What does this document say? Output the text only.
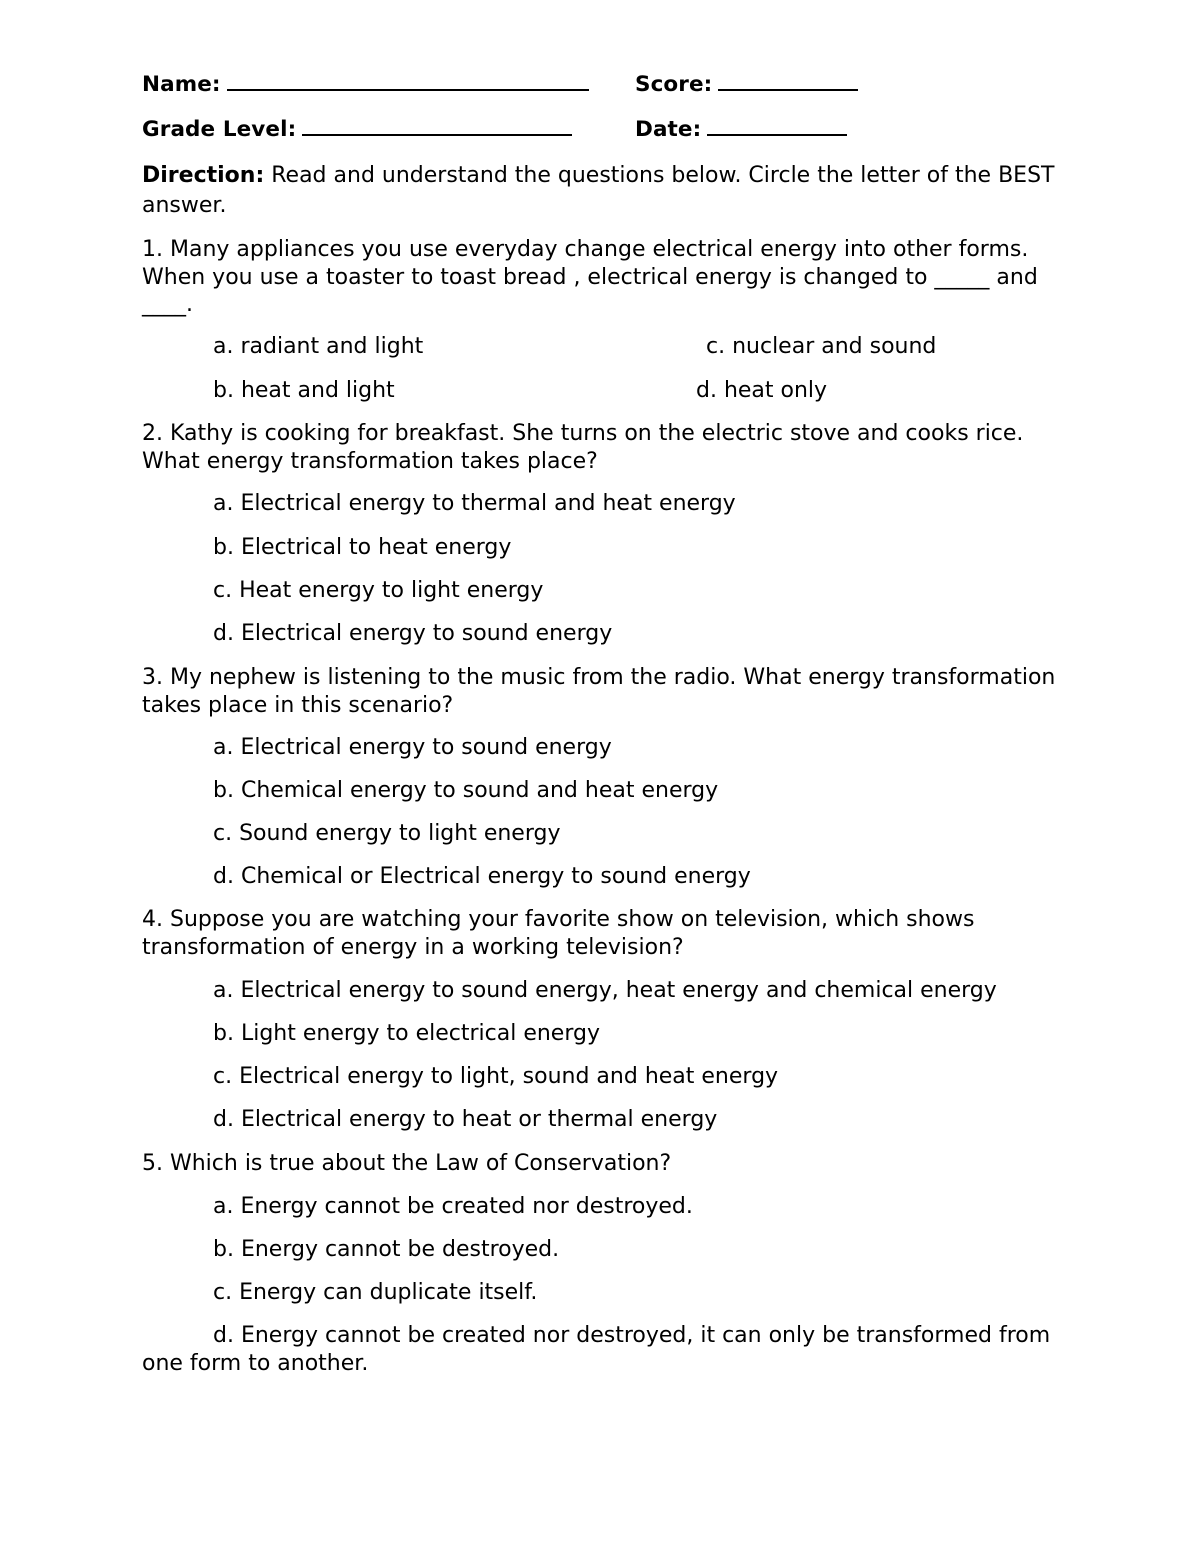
Name:	Score:
Grade Level:	Date:
Direction: Read and understand the questions below. Circle the letter of the BEST answer.
1. Many appliances you use everyday change electrical energy into other forms. When you use a toaster to toast bread , electrical energy is changed to _____ and ____.
a. radiant and light
b. heat and light
c. nuclear and sound
d. heat only
2. Kathy is cooking for breakfast. She turns on the electric stove and cooks rice. What energy transformation takes place?
a. Electrical energy to thermal and heat energy
b. Electrical to heat energy
c. Heat energy to light energy
d. Electrical energy to sound energy
3. My nephew is listening to the music from the radio. What energy transformation takes place in this scenario?
a. Electrical energy to sound energy
b. Chemical energy to sound and heat energy
c. Sound energy to light energy
d. Chemical or Electrical energy to sound energy
4. Suppose you are watching your favorite show on television, which shows transformation of energy in a working television?
a. Electrical energy to sound energy, heat energy and chemical energy
b. Light energy to electrical energy
c. Electrical energy to light, sound and heat energy
d. Electrical energy to heat or thermal energy
5. Which is true about the Law of Conservation?
a. Energy cannot be created nor destroyed.
b. Energy cannot be destroyed.
c. Energy can duplicate itself.
d. Energy cannot be created nor destroyed, it can only be transformed from one form to another.
